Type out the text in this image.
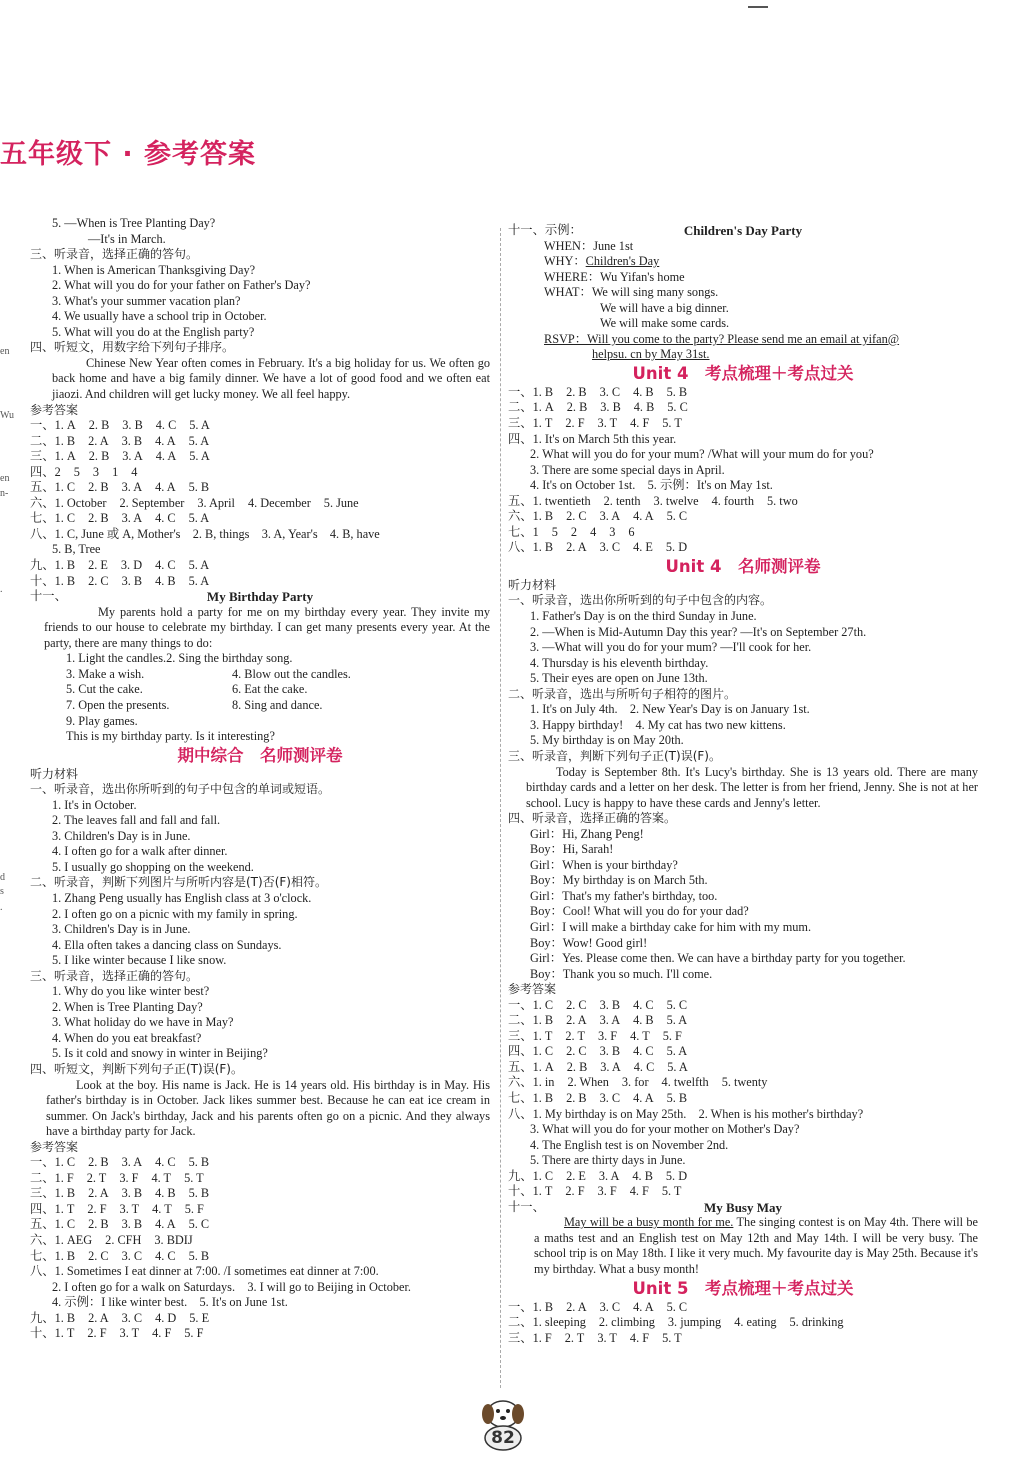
五年级下 · 参考答案
en
Wu
en
n-
.
d
s
.
5. —When is Tree Planting Day?
—It's in March.
三、听录音，选择正确的答句。
1. When is American Thanksgiving Day?
2. What will you do for your father on Father's Day?
3. What's your summer vacation plan?
4. We usually have a school trip in October.
5. What will you do at the English party?
四、听短文，用数字给下列句子排序。
Chinese New Year often comes in February. It's a big holiday for us. We often go back home and have a big family dinner. We have a lot of good food and we often eat jiaozi. And children will get lucky money. We all feel happy.
参考答案
一、1. A 2. B 3. B 4. C 5. A
二、1. B 2. A 3. B 4. A 5. A
三、1. A 2. B 3. A 4. A 5. A
四、2 5 3 1 4
五、1. C 2. B 3. A 4. A 5. B
六、1. October 2. September 3. April 4. December 5. June
七、1. C 2. B 3. A 4. C 5. A
八、1. C, June 或 A, Mother's　2. B, things　3. A, Year's　4. B, have
5. B, Tree
九、1. B 2. E 3. D 4. C 5. A
十、1. B 2. C 3. B 4. B 5. A
十一、	My Birthday Party
My parents hold a party for me on my birthday every year. They invite my friends to our house to celebrate my birthday. I can get many presents every year. At the party, there are many things to do:
1. Light the candles.2. Sing the birthday song.
3. Make a wish.	4. Blow out the candles.
5. Cut the cake.	6. Eat the cake.
7. Open the presents.	8. Sing and dance.
9. Play games.
This is my birthday party. Is it interesting?
期中综合　名师测评卷
听力材料
一、听录音，选出你所听到的句子中包含的单词或短语。
1. It's in October.
2. The leaves fall and fall and fall.
3. Children's Day is in June.
4. I often go for a walk after dinner.
5. I usually go shopping on the weekend.
二、听录音，判断下列图片与所听内容是(T)否(F)相符。
1. Zhang Peng usually has English class at 3 o'clock.
2. I often go on a picnic with my family in spring.
3. Children's Day is in June.
4. Ella often takes a dancing class on Sundays.
5. I like winter because I like snow.
三、听录音，选择正确的答句。
1. Why do you like winter best?
2. When is Tree Planting Day?
3. What holiday do we have in May?
4. When do you eat breakfast?
5. Is it cold and snowy in winter in Beijing?
四、听短文，判断下列句子正(T)误(F)。
Look at the boy. His name is Jack. He is 14 years old. His birthday is in May. His father's birthday is in October. Jack likes summer best. Because he can eat ice cream in summer. On Jack's birthday, Jack and his parents often go on a picnic. And they always have a birthday party for Jack.
参考答案
一、1. C 2. B 3. A 4. C 5. B
二、1. F 2. T 3. F 4. T 5. T
三、1. B 2. A 3. B 4. B 5. B
四、1. T 2. F 3. T 4. T 5. F
五、1. C 2. B 3. B 4. A 5. C
六、1. AEG 2. CFH 3. BDIJ
七、1. B 2. C 3. C 4. C 5. B
八、1. Sometimes I eat dinner at 7:00. /I sometimes eat dinner at 7:00.
2. I often go for a walk on Saturdays.　3. I will go to Beijing in October.
4. 示例：I like winter best.　5. It's on June 1st.
九、1. B 2. A 3. C 4. D 5. E
十、1. T 2. F 3. T 4. F 5. F
十一、示例：	Children's Day Party
WHEN：June 1st
WHY：Children's Day
WHERE：Wu Yifan's home
WHAT：We will sing many songs.
We will have a big dinner.
We will make some cards.
RSVP：Will you come to the party? Please send me an email at yifan@
helpsu. cn by May 31st.
Unit 4　考点梳理＋考点过关
一、1. B 2. B 3. C 4. B 5. B
二、1. A 2. B 3. B 4. B 5. C
三、1. T 2. F 3. T 4. F 5. T
四、1. It's on March 5th this year.
2. What will you do for your mum? /What will your mum do for you?
3. There are some special days in April.
4. It's on October 1st.　5. 示例：It's on May 1st.
五、1. twentieth 2. tenth 3. twelve 4. fourth 5. two
六、1. B 2. C 3. A 4. A 5. C
七、1 5 2 4 3 6
八、1. B 2. A 3. C 4. E 5. D
Unit 4　名师测评卷
听力材料
一、听录音，选出你所听到的句子中包含的内容。
1. Father's Day is on the third Sunday in June.
2. —When is Mid-Autumn Day this year? —It's on September 27th.
3. —What will you do for your mum? —I'll cook for her.
4. Thursday is his eleventh birthday.
5. Their eyes are open on June 13th.
二、听录音，选出与所听句子相符的图片。
1. It's on July 4th.　2. New Year's Day is on January 1st.
3. Happy birthday!　4. My cat has two new kittens.
5. My birthday is on May 20th.
三、听录音，判断下列句子正(T)误(F)。
Today is September 8th. It's Lucy's birthday. She is 13 years old. There are many birthday cards and a letter on her desk. The letter is from her friend, Jenny. She is not at her school. Lucy is happy to have these cards and Jenny's letter.
四、听录音，选择正确的答案。
Girl：Hi, Zhang Peng!
Boy：Hi, Sarah!
Girl：When is your birthday?
Boy：My birthday is on March 5th.
Girl：That's my father's birthday, too.
Boy：Cool! What will you do for your dad?
Girl：I will make a birthday cake for him with my mum.
Boy：Wow! Good girl!
Girl：Yes. Please come then. We can have a birthday party for you together.
Boy：Thank you so much. I'll come.
参考答案
一、1. C 2. C 3. B 4. C 5. C
二、1. B 2. A 3. A 4. B 5. A
三、1. T 2. T 3. F 4. T 5. F
四、1. C 2. C 3. B 4. C 5. A
五、1. A 2. B 3. A 4. C 5. A
六、1. in 2. When 3. for 4. twelfth 5. twenty
七、1. B 2. B 3. C 4. A 5. B
八、1. My birthday is on May 25th.　2. When is his mother's birthday?
3. What will you do for your mother on Mother's Day?
4. The English test is on November 2nd.
5. There are thirty days in June.
九、1. C 2. E 3. A 4. B 5. D
十、1. T 2. F 3. F 4. F 5. T
十一、	My Busy May
May will be a busy month for me. The singing contest is on May 4th. There will be a maths test and an English test on May 12th and May 14th. I will be very busy. The school trip is on May 18th. I like it very much. My favourite day is May 25th. Because it's my birthday. What a busy month!
Unit 5　考点梳理＋考点过关
一、1. B 2. A 3. C 4. A 5. C
二、1. sleeping 2. climbing 3. jumping 4. eating 5. drinking
三、1. F 2. T 3. T 4. F 5. T
82
